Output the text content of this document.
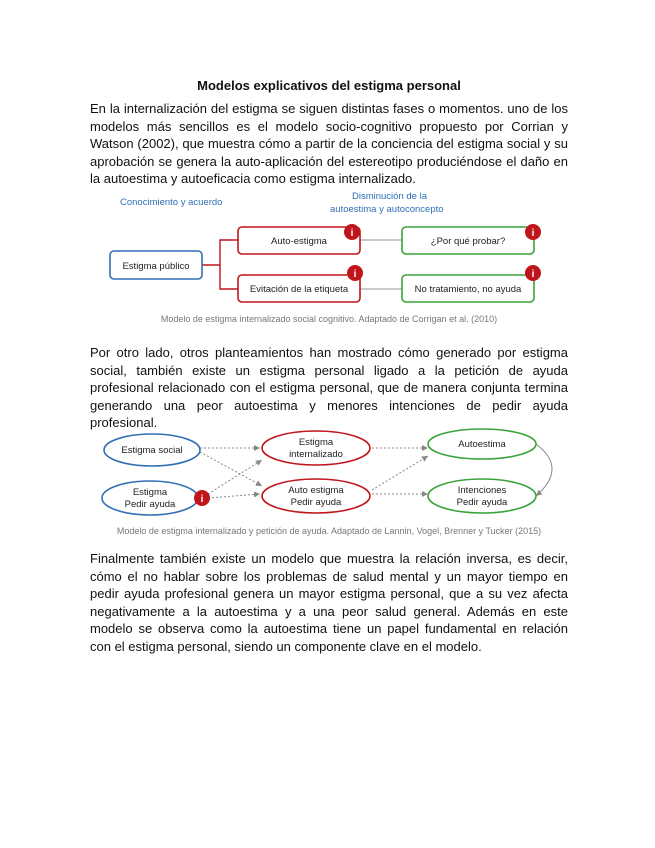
Modelos explicativos del estigma personal

En la internalización del estigma se siguen distintas fases o momentos. uno de los modelos más sencillos es el modelo socio-cognitivo propuesto por Corrian y Watson (2002), que muestra cómo a partir de la conciencia del estigma social y su aprobación se genera la auto-aplicación del estereotipo produciéndose el daño en la autoestima y autoeficacia como estigma internalizado.

Conocimiento y acuerdo
Disminución de la
autoestima y autoconcepto
Estigma público
Auto-estigma
Evitación de la etiqueta
¿Por qué probar?
No tratamiento, no ayuda
i
i
i
i
Modelo de estigma internalizado social cognitivo. Adaptado de Corrigan et al. (2010)

Por otro lado, otros planteamientos han mostrado cómo generado por estigma social, también existe un estigma personal ligado a la petición de ayuda profesional relacionado con el estigma personal, que de manera conjunta termina generando una peor autoestima y menores intenciones de pedir ayuda profesional.

Estigma social
Estigma
Pedir ayuda	i
Estigma
internalizado
Auto estigma
Pedir ayuda
Autoestima
Intenciones
Pedir ayuda
Modelo de estigma internalizado y petición de ayuda. Adaptado de Lannin, Vogel, Brenner y Tucker (2015)

Finalmente también existe un modelo que muestra la relación inversa, es decir, cómo el no hablar sobre los problemas de salud mental y un mayor tiempo en pedir ayuda profesional genera un mayor estigma personal, que a su vez afecta negativamente a la autoestima y a una peor salud general. Además en este modelo se observa como la autoestima tiene un papel fundamental en relación con el estigma personal, siendo un componente clave en el modelo.
